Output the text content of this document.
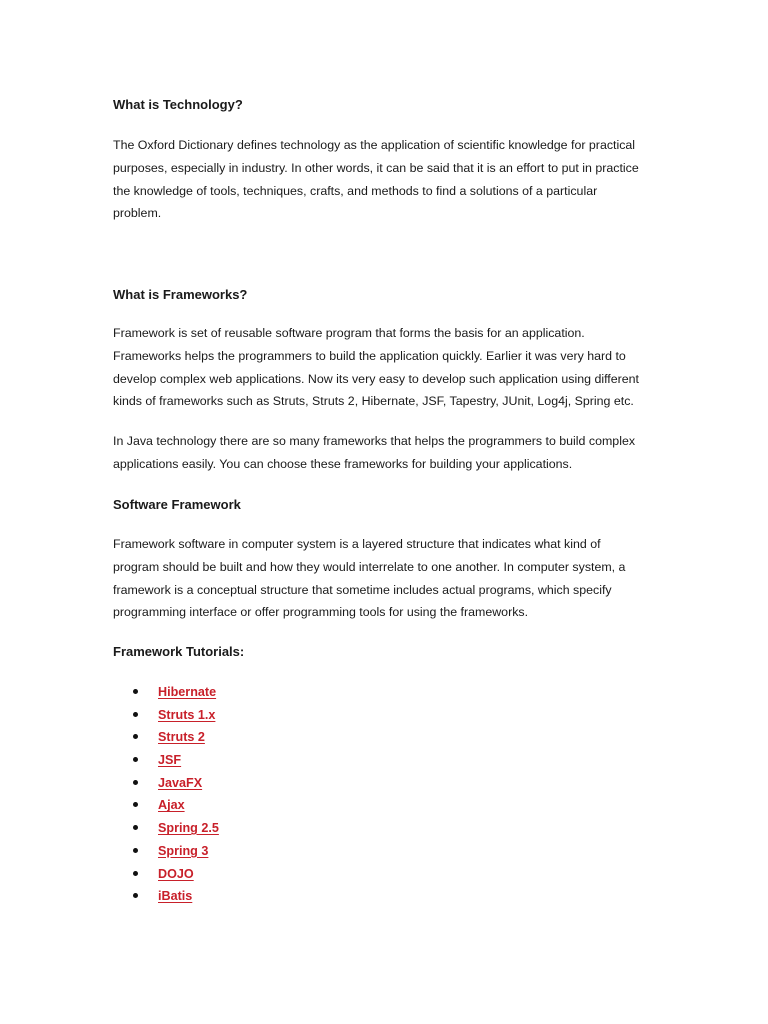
What is Technology?

The Oxford Dictionary defines technology as the application of scientific knowledge for practical
purposes, especially in industry. In other words, it can be said that it is an effort to put in practice
the knowledge of tools, techniques, crafts, and methods to find a solutions of a particular
problem.

What is Frameworks?

Framework is set of reusable software program that forms the basis for an application.
Frameworks helps the programmers to build the application quickly. Earlier it was very hard to
develop complex web applications. Now its very easy to develop such application using different
kinds of frameworks such as Struts, Struts 2, Hibernate, JSF, Tapestry, JUnit, Log4j, Spring etc.

In Java technology there are so many frameworks that helps the programmers to build complex
applications easily. You can choose these frameworks for building your applications.

Software Framework

Framework software in computer system is a layered structure that indicates what kind of
program should be built and how they would interrelate to one another. In computer system, a
framework is a conceptual structure that sometime includes actual programs, which specify
programming interface or offer programming tools for using the frameworks.

Framework Tutorials:
Hibernate
Struts 1.x
Struts 2
JSF
JavaFX
Ajax
Spring 2.5
Spring 3
DOJO
iBatis
